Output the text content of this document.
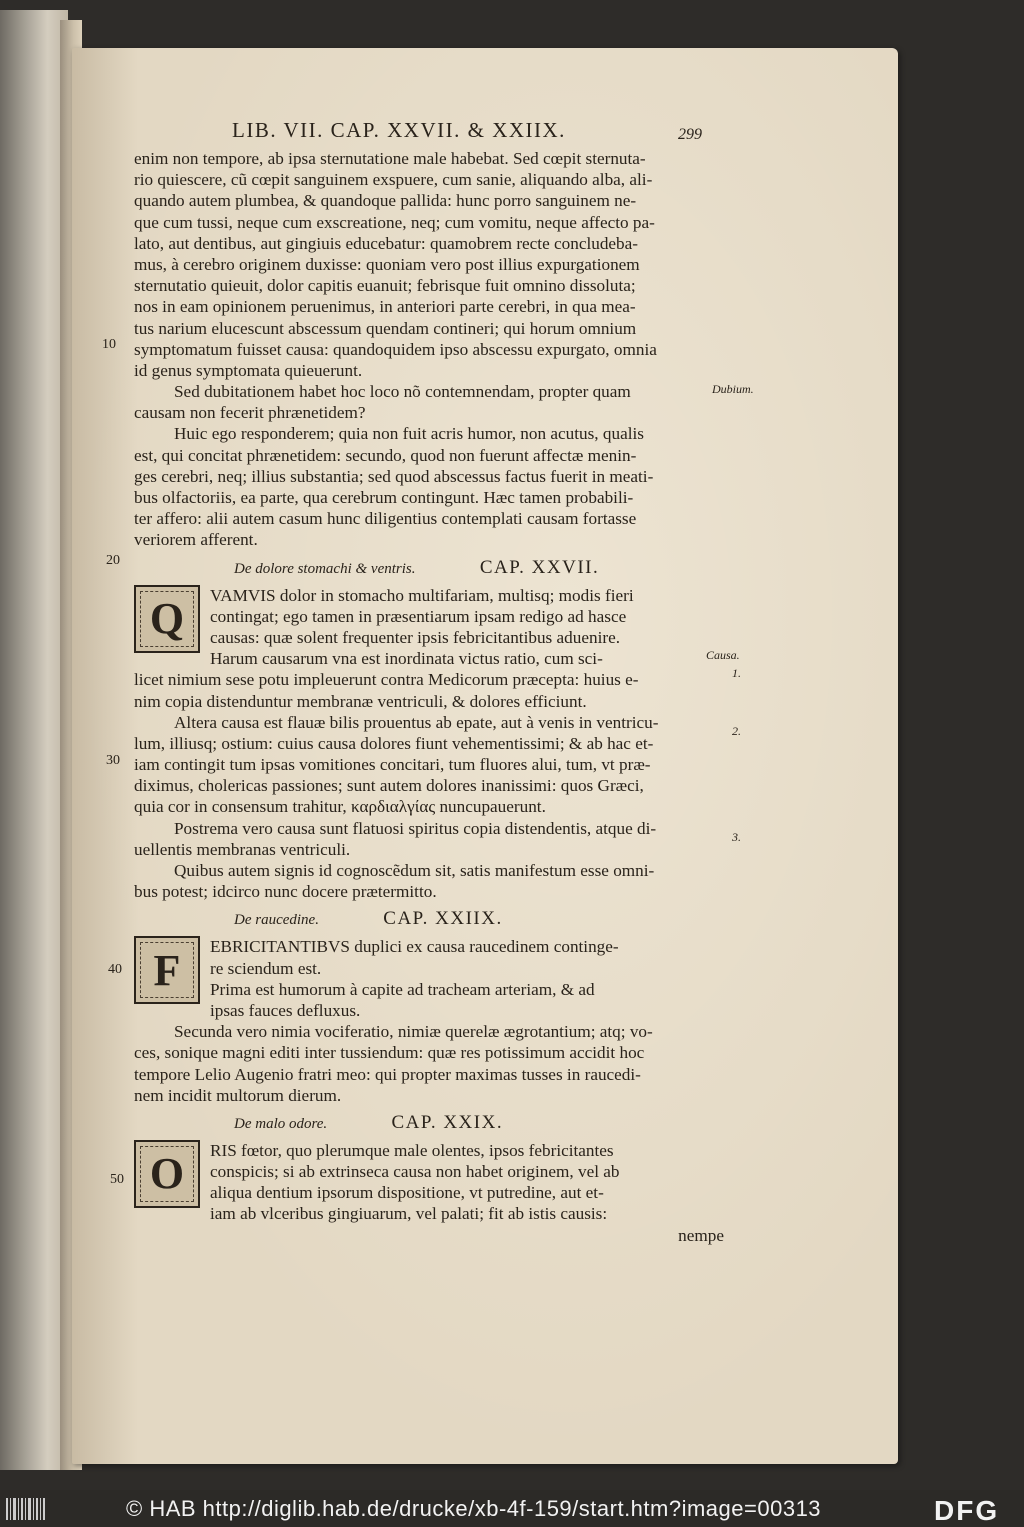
LIB. VII. CAP. XXVII. & XXIIX.	299
10
20
30
40
50
Dubium.
Causa.
1.
2.
3.
enim non tempore, ab ipsa sternutatione male habebat. Sed cœpit sternuta-
rio quiescere, cũ cœpit sanguinem exspuere, cum sanie, aliquando alba, ali-
quando autem plumbea, & quandoque pallida: hunc porro sanguinem ne-
que cum tussi, neque cum exscreatione, neq; cum vomitu, neque affecto pa-
lato, aut dentibus, aut gingiuis educebatur: quamobrem recte concludeba-
mus, à cerebro originem duxisse: quoniam vero post illius expurgationem
sternutatio quieuit, dolor capitis euanuit; febrisque fuit omnino dissoluta;
nos in eam opinionem peruenimus, in anteriori parte cerebri, in qua mea-
tus narium elucescunt abscessum quendam contineri; qui horum omnium
symptomatum fuisset causa: quandoquidem ipso abscessu expurgato, omnia
id genus symptomata quieuerunt.
Sed dubitationem habet hoc loco nõ contemnendam, propter quam
causam non fecerit phrænetidem?
Huic ego responderem; quia non fuit acris humor, non acutus, qualis
est, qui concitat phrænetidem: secundo, quod non fuerunt affectæ menin-
ges cerebri, neq; illius substantia; sed quod abscessus factus fuerit in meati-
bus olfactoriis, ea parte, qua cerebrum contingunt. Hæc tamen probabili-
ter affero: alii autem casum hunc diligentius contemplati causam fortasse
veriorem afferent.
De dolore stomachi & ventris.	CAP. XXVII.
Q	VAMVIS dolor in stomacho multifariam, multisq; modis fieri
contingat; ego tamen in præsentiarum ipsam redigo ad hasce
causas: quæ solent frequenter ipsis febricitantibus aduenire.
Harum causarum vna est inordinata victus ratio, cum sci-
licet nimium sese potu impleuerunt contra Medicorum præcepta: huius e-
nim copia distenduntur membranæ ventriculi, & dolores efficiunt.
Altera causa est flauæ bilis prouentus ab epate, aut à venis in ventricu-
lum, illiusq; ostium: cuius causa dolores fiunt vehementissimi; & ab hac et-
iam contingit tum ipsas vomitiones concitari, tum fluores alui, tum, vt præ-
diximus, cholericas passiones; sunt autem dolores inanissimi: quos Græci,
quia cor in consensum trahitur, καρδιαλγίας nuncupauerunt.
Postrema vero causa sunt flatuosi spiritus copia distendentis, atque di-
uellentis membranas ventriculi.
Quibus autem signis id cognoscẽdum sit, satis manifestum esse omni-
bus potest; idcirco nunc docere prætermitto.
De raucedine.	CAP. XXIIX.
F	EBRICITANTIBVS duplici ex causa raucedinem continge-
re sciendum est.
Prima est humorum à capite ad tracheam arteriam, & ad
ipsas fauces defluxus.
Secunda vero nimia vociferatio, nimiæ querelæ ægrotantium; atq; vo-
ces, sonique magni editi inter tussiendum: quæ res potissimum accidit hoc
tempore Lelio Augenio fratri meo: qui propter maximas tusses in raucedi-
nem incidit multorum dierum.
De malo odore.	CAP. XXIX.
O	RIS fœtor, quo plerumque male olentes, ipsos febricitantes
conspicis; si ab extrinseca causa non habet originem, vel ab
aliqua dentium ipsorum dispositione, vt putredine, aut et-
iam ab vlceribus gingiuarum, vel palati; fit ab istis causis:
nempe
© HAB http://diglib.hab.de/drucke/xb-4f-159/start.htm?image=00313	DFG
